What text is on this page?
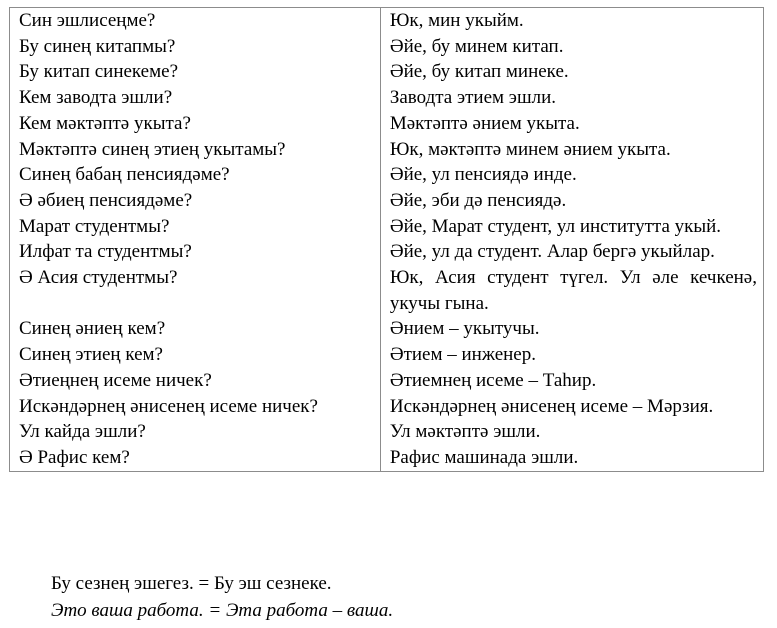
Син эшлисеңме?	Юк, мин укыйм.
Бу синең китапмы?	Әйе, бу минем китап.
Бу китап синекеме?	Әйе, бу китап минеке.
Кем заводта эшли?	Заводта этием эшли.
Кем мәктәптә укыта?	Мәктәптә әнием укыта.
Мәктәптә синең этиең укытамы?	Юк, мәктәптә минем әнием укыта.
Синең бабаң пенсиядәме?	Әйе, ул пенсиядә инде.
Ә әбиең пенсиядәме?	Әйе, эби дә пенсиядә.
Марат студентмы?	Әйе, Марат студент, ул институтта укый.
Илфат та студентмы?	Әйе, ул да студент. Алар бергә укыйлар.
Ә Асия студентмы?	Юк, Асия студент түгел. Ул әле кечкенә, укучы гына.
Синең әниең кем?	Әнием – укытучы.
Синең этиең кем?	Әтием – инженер.
Әтиеңнең исеме ничек?	Әтиемнең исеме – Таһир.
Искәндәрнең әнисенең исеме ничек?	Искәндәрнең әнисенең исеме – Мәрзия.
Ул кайда эшли?	Ул мәктәптә эшли.
Ә Рафис кем?	Рафис машинада эшли.
Бу сезнең эшегез. = Бу эш сезнеке.
Это ваша работа. = Эта работа – ваша.
